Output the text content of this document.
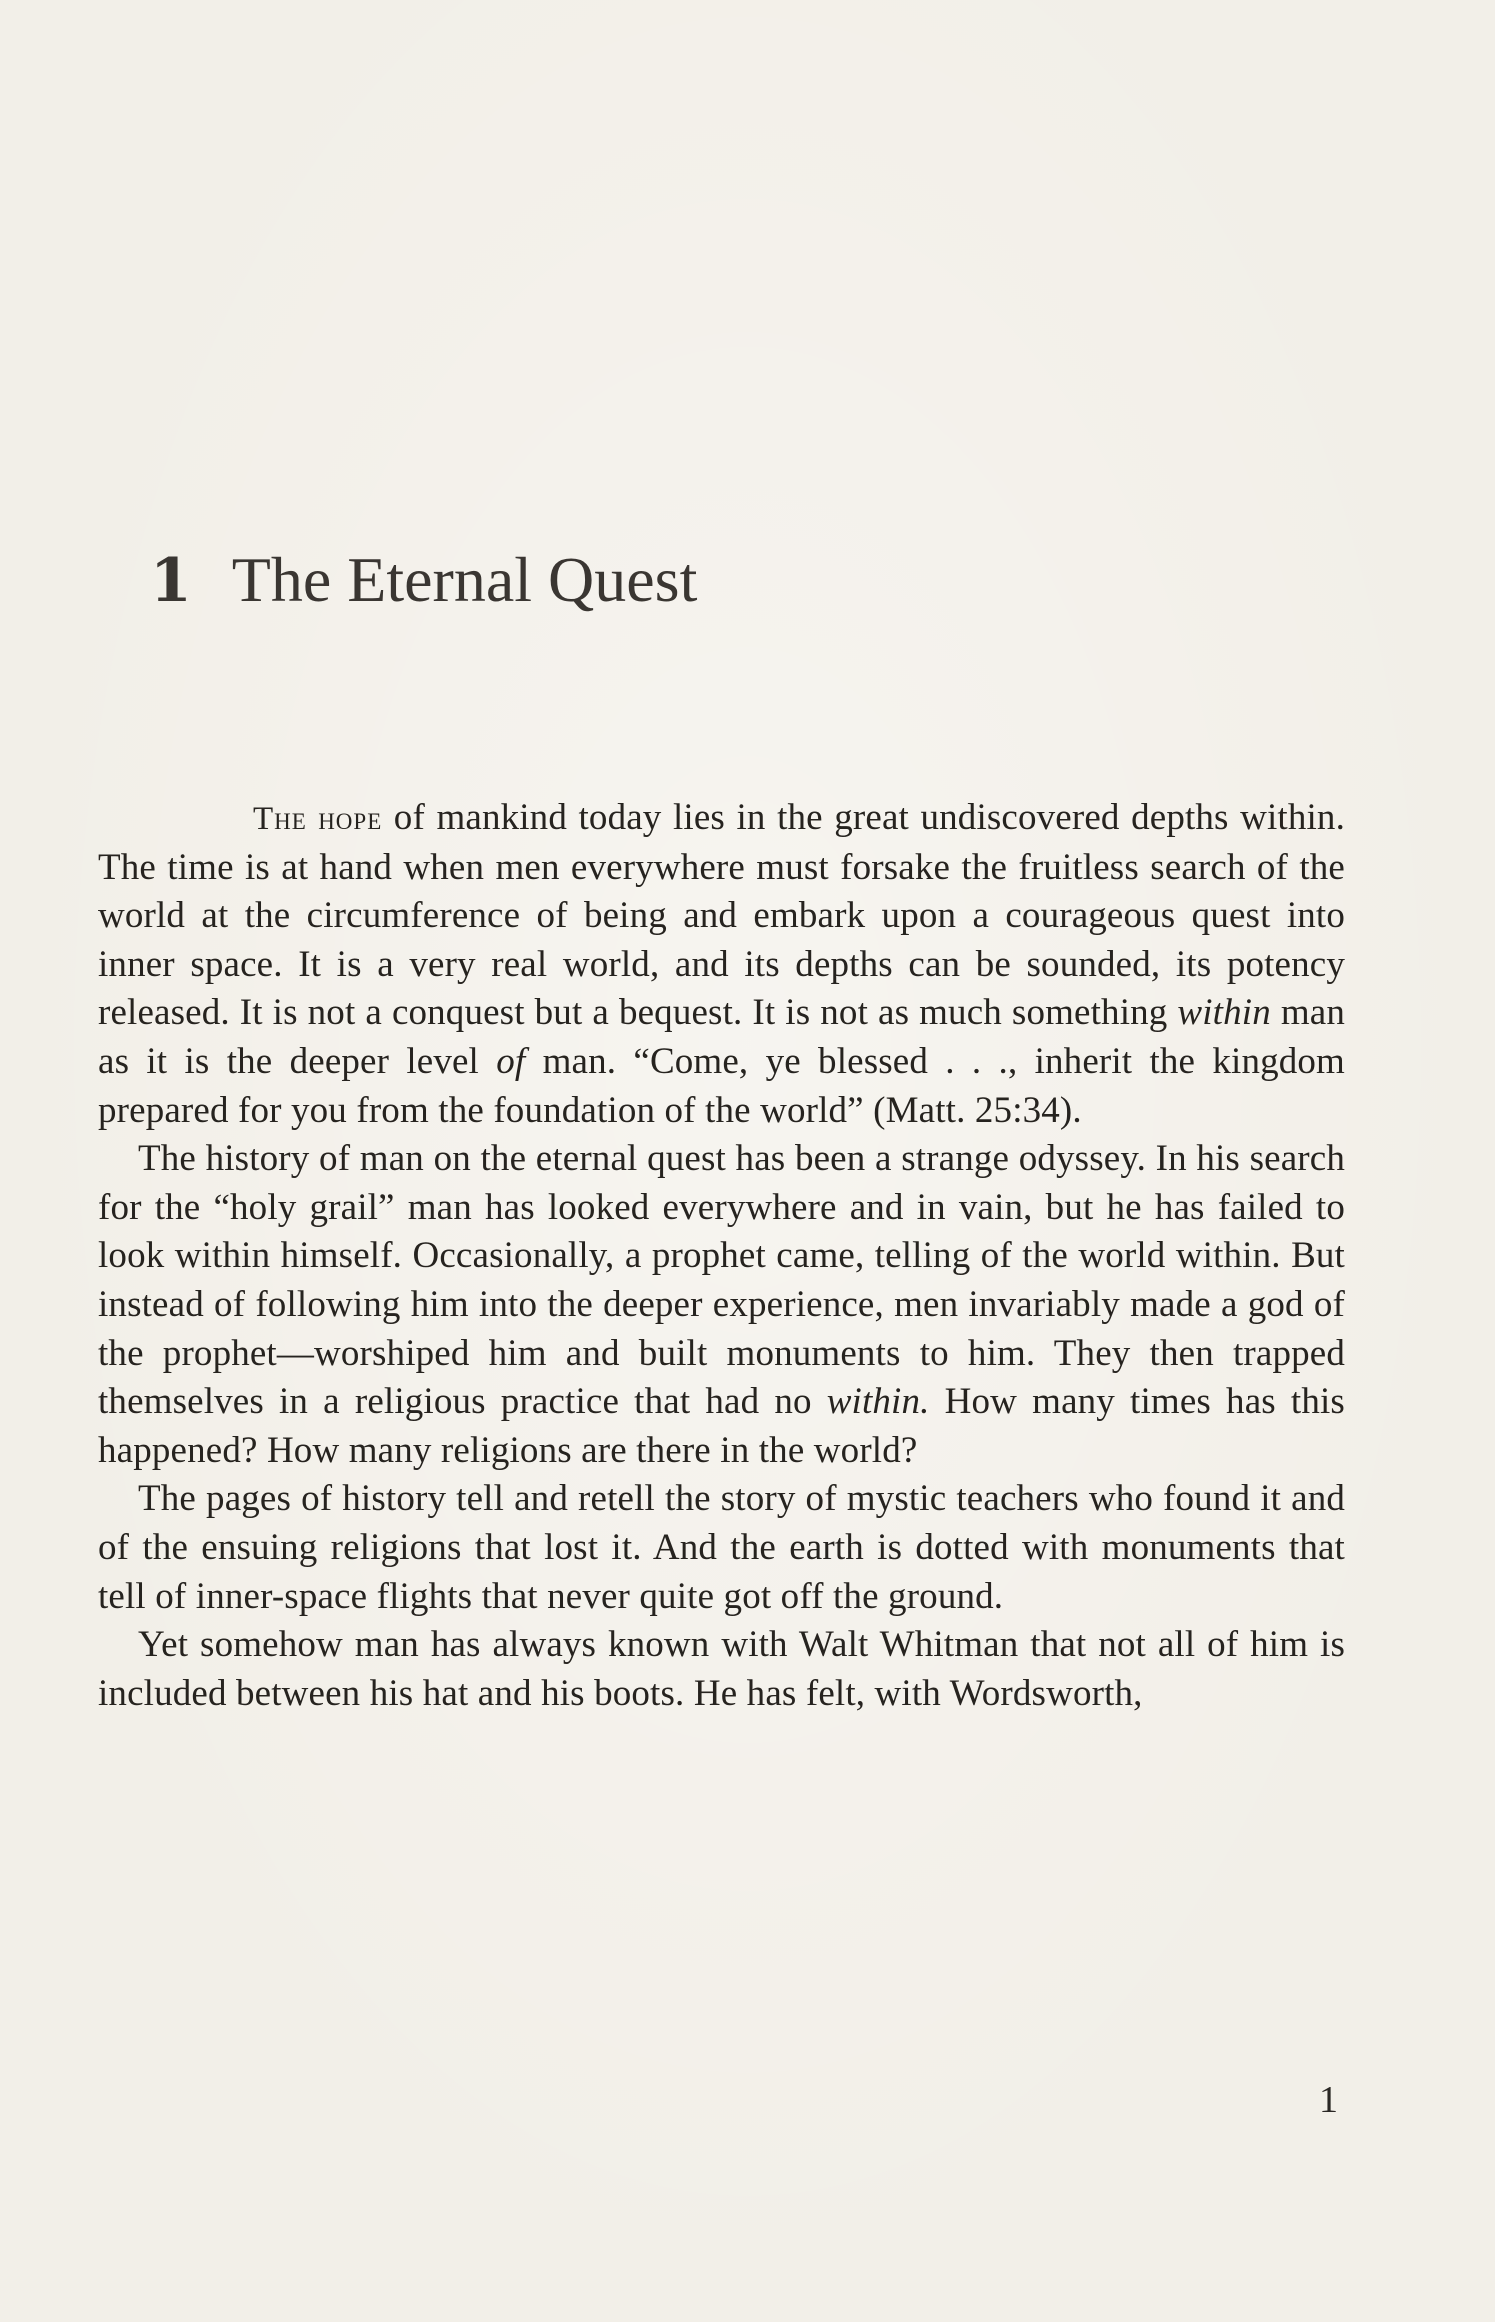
1 The Eternal Quest

The hope of mankind today lies in the great undiscovered depths within. The time is at hand when men everywhere must forsake the fruitless search of the world at the circumference of being and embark upon a courageous quest into inner space. It is a very real world, and its depths can be sounded, its potency released. It is not a conquest but a bequest. It is not as much something within man as it is the deeper level of man. “Come, ye blessed . . ., inherit the kingdom prepared for you from the foundation of the world” (Matt. 25:34).

The history of man on the eternal quest has been a strange odyssey. In his search for the “holy grail” man has looked everywhere and in vain, but he has failed to look within himself. Occasionally, a prophet came, telling of the world within. But instead of following him into the deeper experience, men invariably made a god of the prophet—worshiped him and built monuments to him. They then trapped themselves in a religious practice that had no within. How many times has this happened? How many religions are there in the world?

The pages of history tell and retell the story of mystic teachers who found it and of the ensuing religions that lost it. And the earth is dotted with monuments that tell of inner-space flights that never quite got off the ground.

Yet somehow man has always known with Walt Whitman that not all of him is included between his hat and his boots. He has felt, with Wordsworth,

1
